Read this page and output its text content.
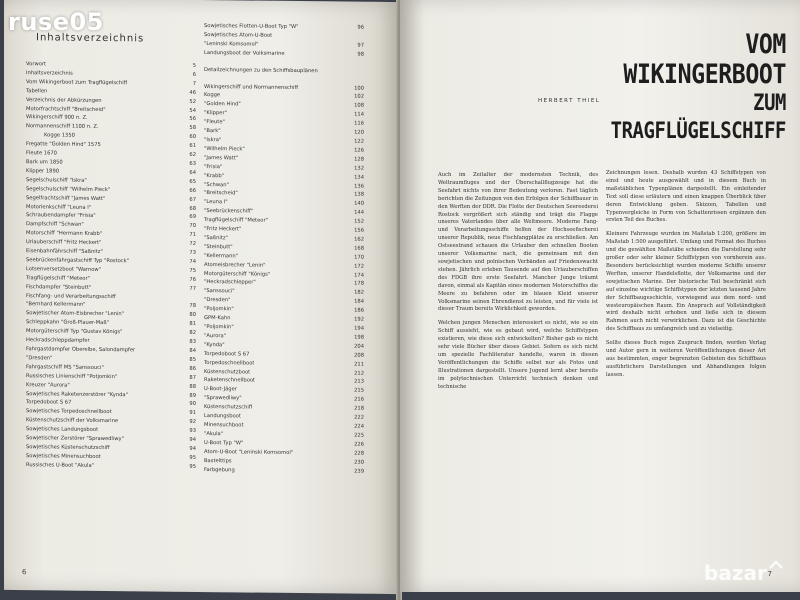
Inhaltsverzeichnis
Vorwort	5
Inhaltsverzeichnis	6
Vom Wikingerboot zum Tragflügelschiff	7
Tabellen	46
Verzeichnis der Abkürzungen	52
Motorfrachtschiff "Breitscheid"	54
Wikingerschiff 900 n. Z.	56
Normannenschiff 1100 n. Z.	58
Kogge 1350	60
Fregatte "Golden Hind" 1575	61
Fleute 1670	62
Bark um 1850	63
Klipper 1890	64
Segelschulschiff "Iskra"	65
Segelschulschiff "Wilhelm Pieck"	66
Segelfrachtschiff "James Watt"	67
Motorlenkschiff "Leuna I"	68
Schraubendampfer "Frisia"	69
Dampfschiff "Schwan"	70
Motorschiff "Hermann Krabb"	71
Urlauberschiff "Fritz Heckert"	72
Eisenbahnfährschiff "Saßnitz"	73
Seebrückenfahrgastschiff Typ "Rostock"	74
Lotsenversetzboot "Warnow"	75
Tragflügelschiff "Meteor"	76
Fischdampfer "Steinbutt"	77
Fischfang- und Verarbeitungsschiff
"Bernhard Kellermann"	78
Sowjetischer Atom-Eisbrecher "Lenin"	80
Schleppkahn "Groß-Plauer-Maß"	81
Motorgüterschiff Typ "Gustav Königs"	82
Heckradschleppdampfer	83
Fahrgastdampfer Oberelbe, Salondampfer	84
"Dresden"	85
Fahrgastschiff MS "Sanssouci"	86
Russisches Linienschiff "Potjomkin"	87
Kreuzer "Aurora"	88
Sowjetisches Raketenzerstörer "Kynda"	89
Torpedoboot S 67	90
Sowjetisches Torpedoschnellboot	91
Küstenschutzschiff der Volksmarine	92
Sowjetisches Landungsboot	93
Sowjetischer Zerstörer "Sprawedliwy"	94
Sowjetisches Küstenschutzschiff	94
Sowjetisches Minensuchboot	95
Russisches U-Boot "Akula"	95
Sowjetisches Flotten-U-Boot Typ "W"	96
Sowjetisches Atom-U-Boot
"Leninski Komsomol"	97
Landungsboot der Volksmarine	98
Detailzeichnungen zu den Schiffsbauplänen
Wikingerschiff und Normannenschiff	100
Kogge	102
"Golden Hind"	108
"Klipper"	114
"Fleute"	116
"Bark"	120
"Iskra"	122
"Wilhelm Pieck"	126
"James Watt"	128
"Frisia"	132
"Krabb"	134
"Schwan"	136
"Breitscheid"	138
"Leuna I"	140
"Seebrückenschiff"	144
Tragflügelschiff "Meteor"	152
"Fritz Heckert"	156
"Saßnitz"	162
"Steinbutt"	168
"Kellermann"	170
Atomeisbrecher "Lenin"	172
Motorgüterschiff "Königs"	174
"Heckradschlepper"	178
"Sanssouci"	182
"Dresden"	184
"Poljomkin"	186
GPM-Kahn	192
"Poljomkin"	194
"Aurora"	198
"Kynda"	204
Torpedoboot S 67	208
Torpedoschnellboot	211
Küstenschutzboot	212
Raketenschnellboot	213
U-Boot-Jäger	215
"Sprawedliwy"	216
Küstenschutzschiff	218
Landungsboot	222
Minensuchboot	224
"Akula"	225
U-Boot Typ "W"	226
Atom-U-Boot "Leninski Komsomol"	228
Bastelttips	230
Farbgebung	239
6
VOM WIKINGERBOOT
ZUM TRAGFLÜGELSCHIFF
HERBERT THIEL

Auch im Zeitalter der modernsten Technik, des Weltraumfluges und der Überschallflugzeuge hat die Seefahrt nichts von ihrer Bedeutung verloren. Fast täglich berichten die Zeitungen von den Erfolgen der Schiffbauer in den Werften der DDR. Die Flotte der Deutschen Seereederei Rostock vergrößert sich ständig und trägt die Flagge unseres Vaterlandes über alle Weltmeere. Moderne Fang- und Verarbeitungsschiffe helfen der Hochseefischerei unserer Republik, neue Fischfangplätze zu erschließen. Am Ostseestrand schauen die Urlauber den schnellen Booten unserer Volksmarine nach, die gemeinsam mit den sowjetischen und polnischen Verbänden auf Friedenswacht stehen. Jährlich erleben Tausende auf den Urlauberschiffen des FDGB ihre erste Seefahrt. Mancher Junge träumt davon, einmal als Kapitän eines modernen Motorschiffes die Meere zu befahren oder im blauen Kleid unserer Volksmarine seinen Ehrendienst zu leisten, und für viele ist dieser Traum bereits Wirklichkeit geworden.

Welchen jungen Menschen interessiert es nicht, wie so ein Schiff aussieht, wie es gebaut wird, welche Schiffstypen existieren, wie diese sich entwickelten? Bisher gab es nicht sehr viele Bücher über dieses Gebiet. Sofern es sich nicht um spezielle Fachliteratur handelte, waren in diesen Veröffentlichungen die Schiffe selbst nur als Fotos und Illustrationen dargestellt. Unsere Jugend lernt aber bereits im polytechnischen Unterricht technisch denken und technische

Zeichnungen lesen. Deshalb wurden 43 Schiffstypen von einst und heute ausgewählt und in diesem Buch in maßstäblichen Typenplänen dargestellt. Ein einleitender Text soll diese erläutern und einen knappen Überblick über deren Entwicklung geben. Skizzen, Tabellen und Typenvergleiche in Form von Schattenrissen ergänzen den ersten Teil des Buches.

Kleinere Fahrzeuge wurden im Maßstab 1:200, größere im Maßstab 1:500 ausgeführt. Umfang und Format des Buches und die gewählten Maßstäbe schieden die Darstellung sehr großer oder sehr kleiner Schiffstypen von vornherein aus. Besonders berücksichtigt wurden moderne Schiffe unserer Werften, unserer Handelsflotte, der Volksmarine und der sowjetischen Marine. Der historische Teil beschränkt sich auf einzelne wichtige Schiffstypen der letzten tausend Jahre der Schiffbaugeschichte, vorwiegend aus dem nord- und westeuropäischen Raum. Ein Anspruch auf Vollständigkeit wird deshalb nicht erhoben und ließe sich in diesem Rahmen auch nicht verwirklichen. Dazu ist die Geschichte des Schiffbaus zu umfangreich und zu vielseitig.

Sollte dieses Buch regen Zuspruch finden, werden Verlag und Autor gern in weiteren Veröffentlichungen dieser Art aus bestimmten, enger begrenzten Gebieten des Schiffbaus ausführlichere Darstellungen und Abhandlungen folgen lassen.

7
ruse05
bazar
